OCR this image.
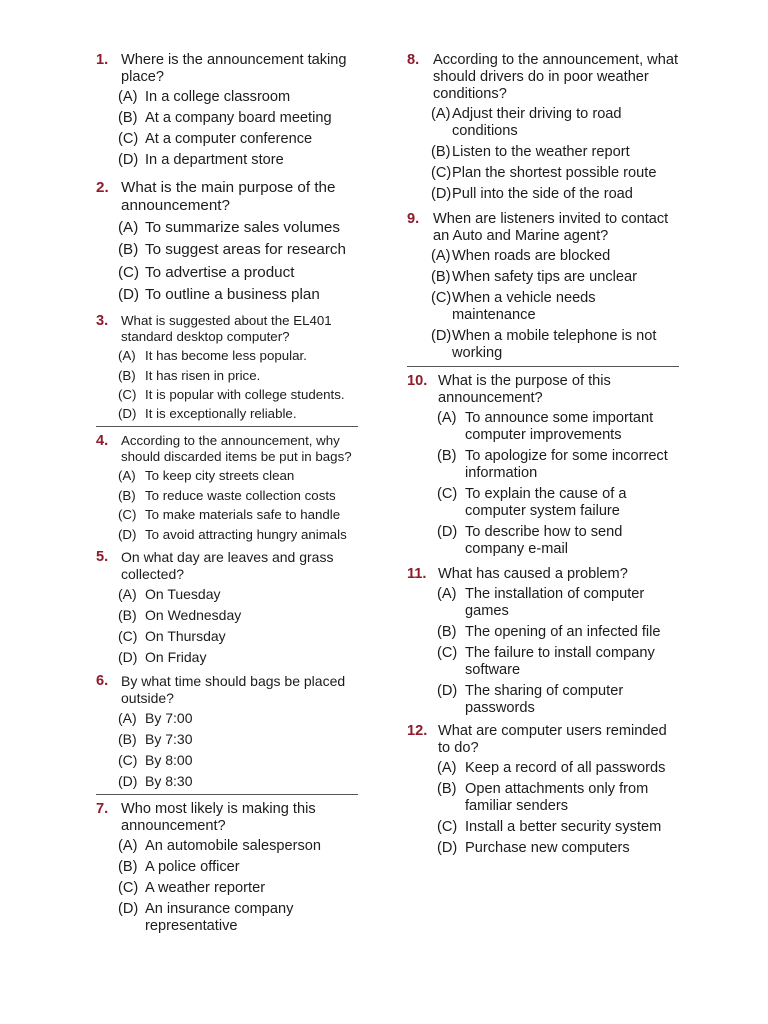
1. Where is the announcement taking place?
(A) In a college classroom
(B) At a company board meeting
(C) At a computer conference
(D) In a department store
2. What is the main purpose of the announcement?
(A) To summarize sales volumes
(B) To suggest areas for research
(C) To advertise a product
(D) To outline a business plan
3. What is suggested about the EL401 standard desktop computer?
(A) It has become less popular.
(B) It has risen in price.
(C) It is popular with college students.
(D) It is exceptionally reliable.
4. According to the announcement, why should discarded items be put in bags?
(A) To keep city streets clean
(B) To reduce waste collection costs
(C) To make materials safe to handle
(D) To avoid attracting hungry animals
5. On what day are leaves and grass collected?
(A) On Tuesday
(B) On Wednesday
(C) On Thursday
(D) On Friday
6. By what time should bags be placed outside?
(A) By 7:00
(B) By 7:30
(C) By 8:00
(D) By 8:30
7. Who most likely is making this announcement?
(A) An automobile salesperson
(B) A police officer
(C) A weather reporter
(D) An insurance company representative
8. According to the announcement, what should drivers do in poor weather conditions?
(A) Adjust their driving to road conditions
(B) Listen to the weather report
(C) Plan the shortest possible route
(D) Pull into the side of the road
9. When are listeners invited to contact an Auto and Marine agent?
(A) When roads are blocked
(B) When safety tips are unclear
(C) When a vehicle needs maintenance
(D) When a mobile telephone is not working
10. What is the purpose of this announcement?
(A) To announce some important computer improvements
(B) To apologize for some incorrect information
(C) To explain the cause of a computer system failure
(D) To describe how to send company e-mail
11. What has caused a problem?
(A) The installation of computer games
(B) The opening of an infected file
(C) The failure to install company software
(D) The sharing of computer passwords
12. What are computer users reminded to do?
(A) Keep a record of all passwords
(B) Open attachments only from familiar senders
(C) Install a better security system
(D) Purchase new computers
